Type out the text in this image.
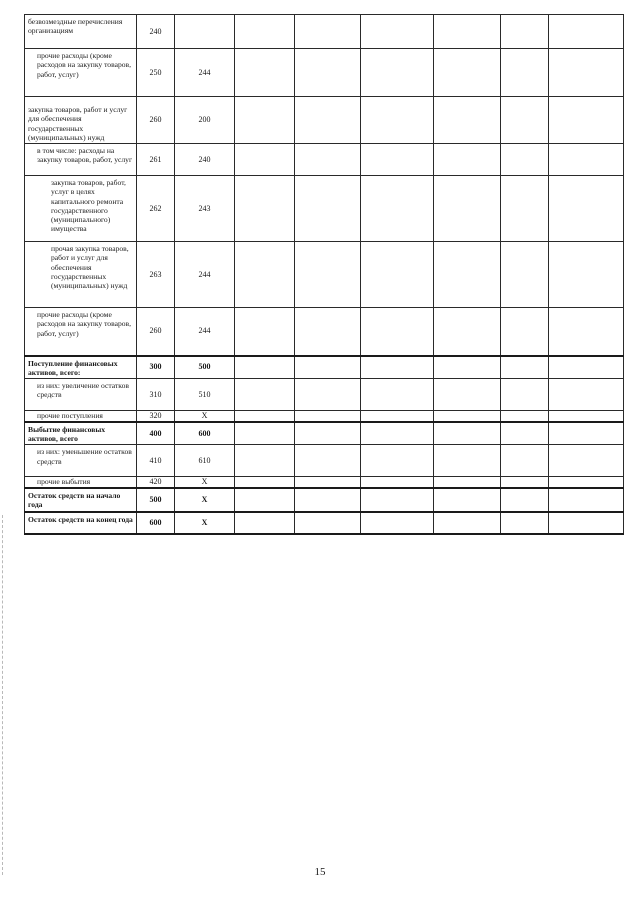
безвозмездные перечисления организациям	240							
прочие расходы (кроме расходов на закупку товаров, работ, услуг)	250	244						
закупка товаров, работ и услуг для обеспечения государственных (муниципальных) нужд	260	200						
в том числе: расходы на закупку товаров, работ, услуг	261	240						
закупка товаров, работ, услуг в целях капитального ремонта государственного (муниципального) имущества	262	243						
прочая закупка товаров, работ и услуг для обеспечения государственных (муниципальных) нужд	263	244						
прочие расходы (кроме расходов на закупку товаров, работ, услуг)	260	244						
Поступление финансовых активов, всего:	300	500						
из них: увеличение остатков средств	310	510						
прочие поступления	320	X						
Выбытие финансовых активов, всего	400	600						
из них: уменьшение остатков средств	410	610						
прочие выбытия	420	X						
Остаток средств на начало года	500	X						
Остаток средств на конец года	600	X						
15
